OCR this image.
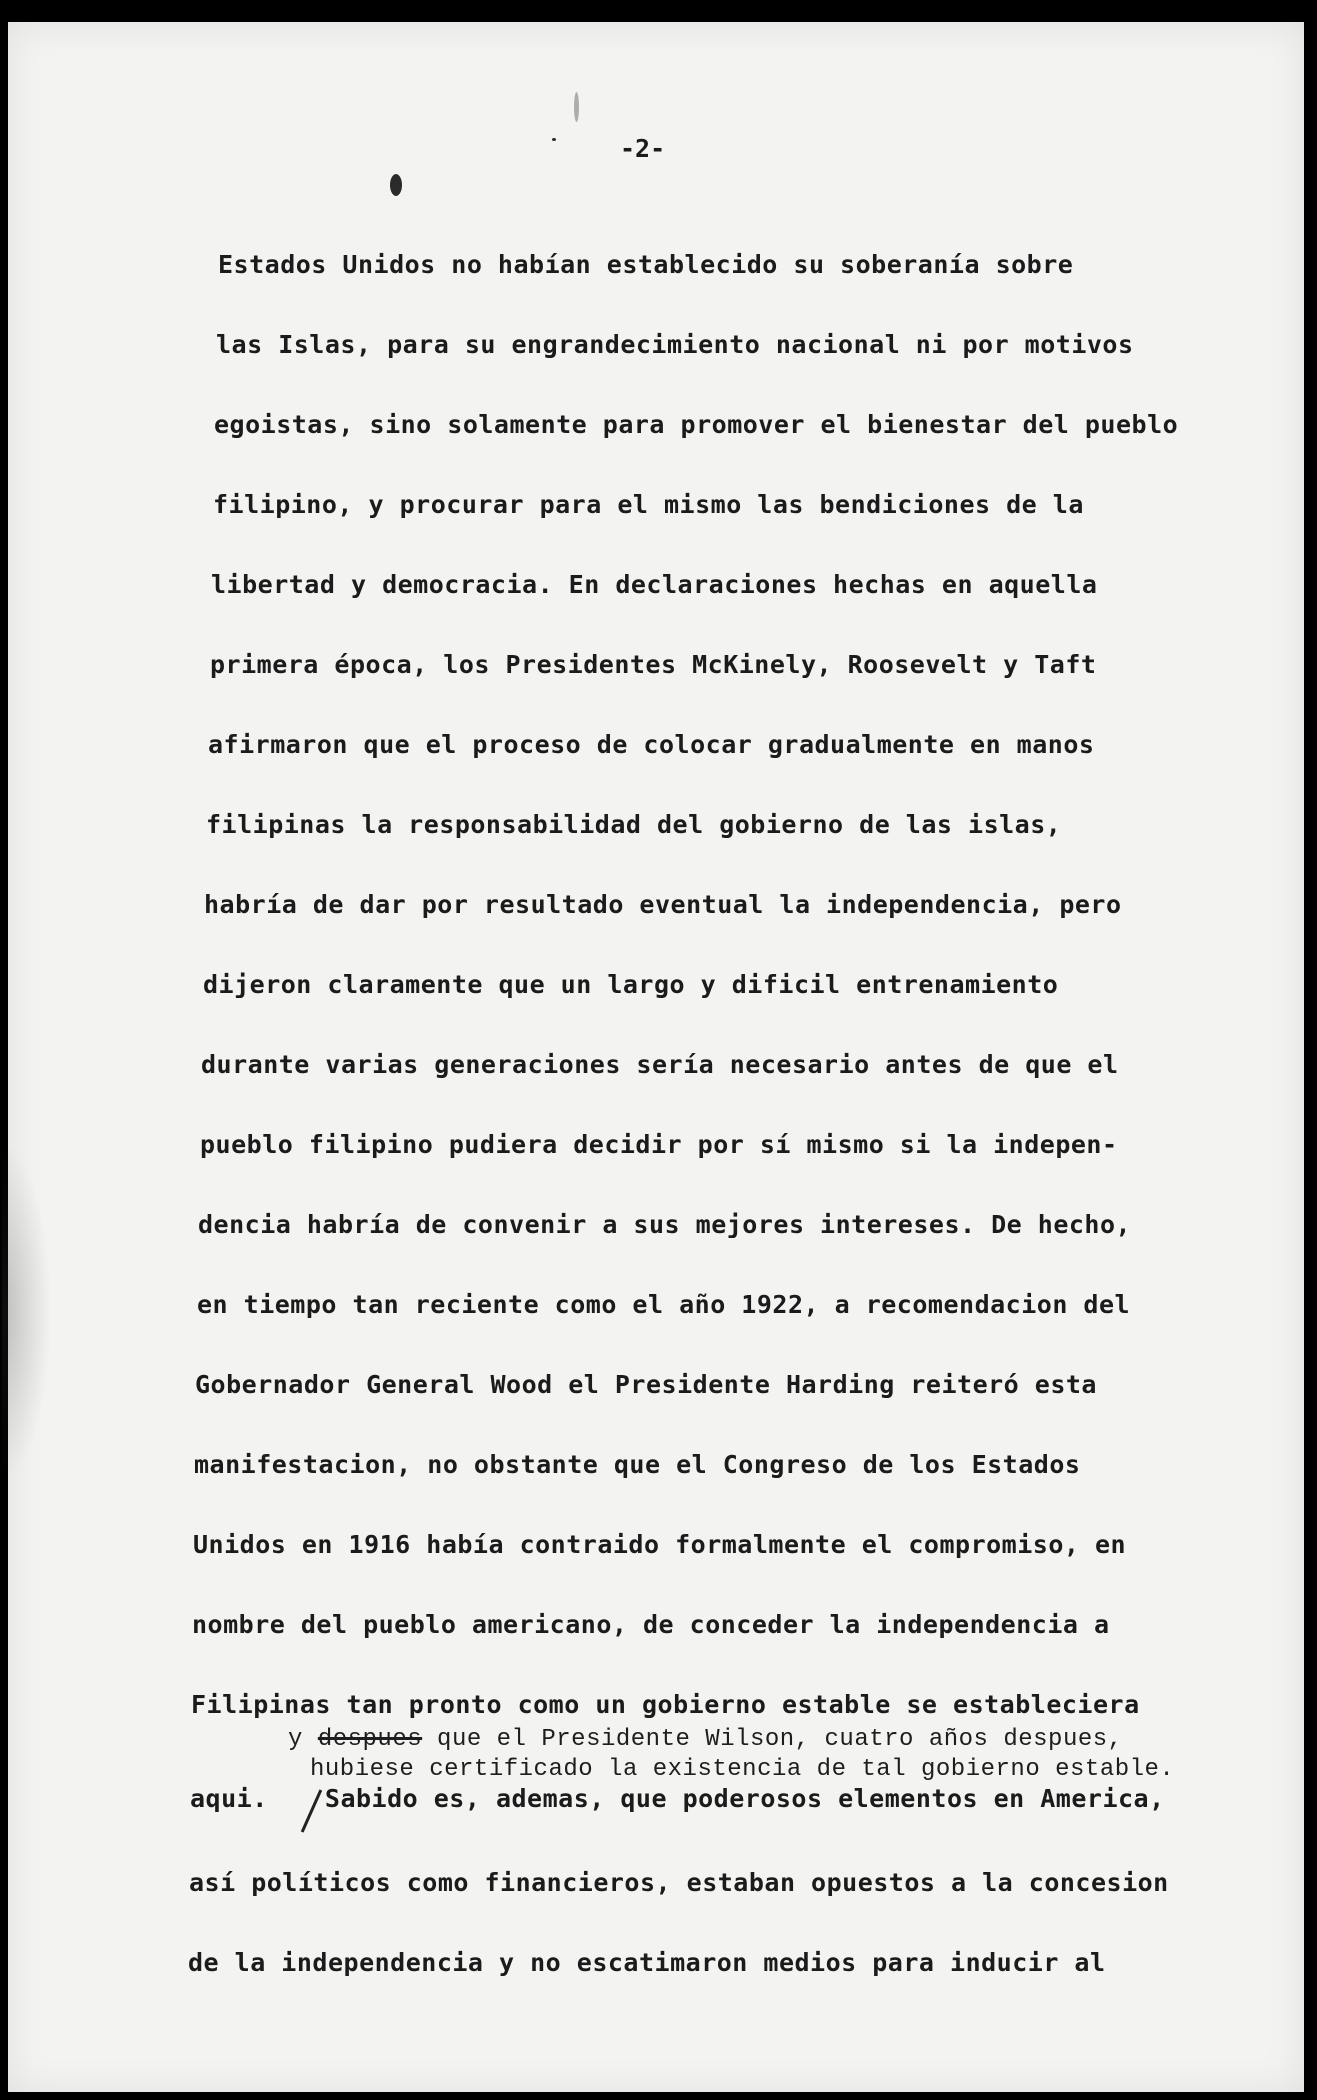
-2-
Estados Unidos no habían establecido su soberanía sobre
las Islas, para su engrandecimiento nacional ni por motivos
egoistas, sino solamente para promover el bienestar del pueblo
filipino, y procurar para el mismo las bendiciones de la
libertad y democracia. En declaraciones hechas en aquella
primera época, los Presidentes McKinely, Roosevelt y Taft
afirmaron que el proceso de colocar gradualmente en manos
filipinas la responsabilidad del gobierno de las islas,
habría de dar por resultado eventual la independencia, pero
dijeron claramente que un largo y dificil entrenamiento
durante varias generaciones sería necesario antes de que el
pueblo filipino pudiera decidir por sí mismo si la indepen-
dencia habría de convenir a sus mejores intereses. De hecho,
en tiempo tan reciente como el año 1922, a recomendacion del
Gobernador General Wood el Presidente Harding reiteró esta
manifestacion, no obstante que el Congreso de los Estados
Unidos en 1916 había contraido formalmente el compromiso, en
nombre del pueblo americano, de conceder la independencia a
Filipinas tan pronto como un gobierno estable se estableciera
y despues que el Presidente Wilson, cuatro años despues,
hubiese certificado la existencia de tal gobierno estable.
aqui. Sabido es, ademas, que poderosos elementos en America,
así políticos como financieros, estaban opuestos a la concesion
de la independencia y no escatimaron medios para inducir al
